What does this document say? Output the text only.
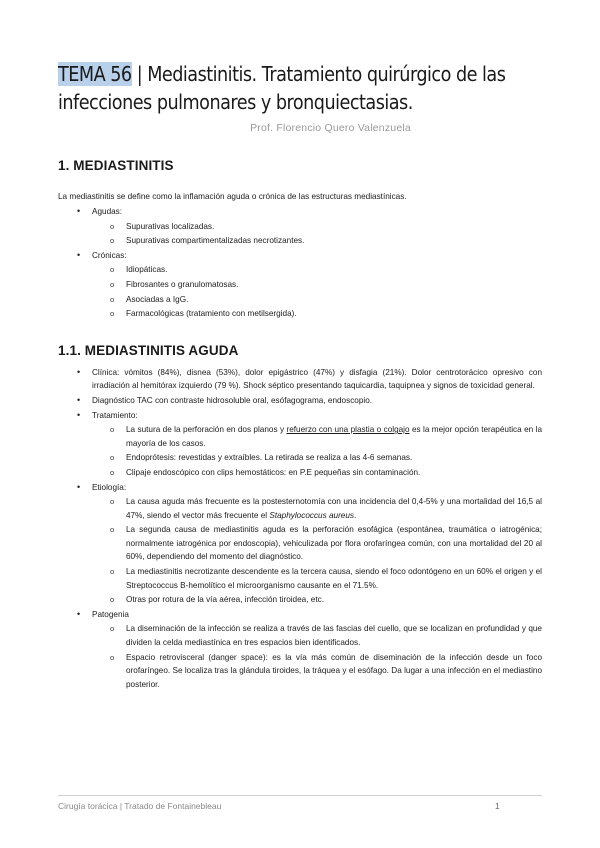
TEMA 56 | Mediastinitis. Tratamiento quirúrgico de las infecciones pulmonares y bronquiectasias.

Prof. Florencio Quero Valenzuela

1. MEDIASTINITIS

La mediastinitis se define como la inflamación aguda o crónica de las estructuras mediastínicas.

• Agudas:
o Supurativas localizadas.
o Supurativas compartimentalizadas necrotizantes.
• Crónicas:
o Idiopáticas.
o Fibrosantes o granulomatosas.
o Asociadas a IgG.
o Farmacológicas (tratamiento con metilsergida).
1.1. MEDIASTINITIS AGUDA
• Clínica: vómitos (84%), disnea (53%), dolor epigástrico (47%) y disfagia (21%). Dolor centrotorácico opresivo con irradiación al hemitórax izquierdo (79 %). Shock séptico presentando taquicardia, taquipnea y signos de toxicidad general.
• Diagnóstico TAC con contraste hidrosoluble oral, esófagograma, endoscopio.
• Tratamiento:
o La sutura de la perforación en dos planos y refuerzo con una plastia o colgajo es la mejor opción terapéutica en la mayoría de los casos.
o Endoprótesis: revestidas y extraíbles. La retirada se realiza a las 4-6 semanas.
o Clipaje endoscópico con clips hemostáticos: en P.E pequeñas sin contaminación.
• Etiología:
o La causa aguda más frecuente es la postesternotomía con una incidencia del 0,4-5% y una mortalidad del 16,5 al 47%, siendo el vector más frecuente el Staphylococcus aureus.
o La segunda causa de mediastinitis aguda es la perforación esofágica (espontánea, traumática o iatrogénica; normalmente iatrogénica por endoscopia), vehiculizada por flora orofaríngea común, con una mortalidad del 20 al 60%, dependiendo del momento del diagnóstico.
o La mediastinitis necrotizante descendente es la tercera causa, siendo el foco odontógeno en un 60% el origen y el Streptococcus B-hemolítico el microorganismo causante en el 71.5%.
o Otras por rotura de la vía aérea, infección tiroidea, etc.
• Patogenia
o La diseminación de la infección se realiza a través de las fascias del cuello, que se localizan en profundidad y que dividen la celda mediastínica en tres espacios bien identificados.
o Espacio retrovisceral (danger space): es la vía más común de diseminación de la infección desde un foco orofaríngeo. Se localiza tras la glándula tiroides, la tráquea y el esófago. Da lugar a una infección en el mediastino posterior.
Cirugía torácica | Tratado de Fontainebleau	1
